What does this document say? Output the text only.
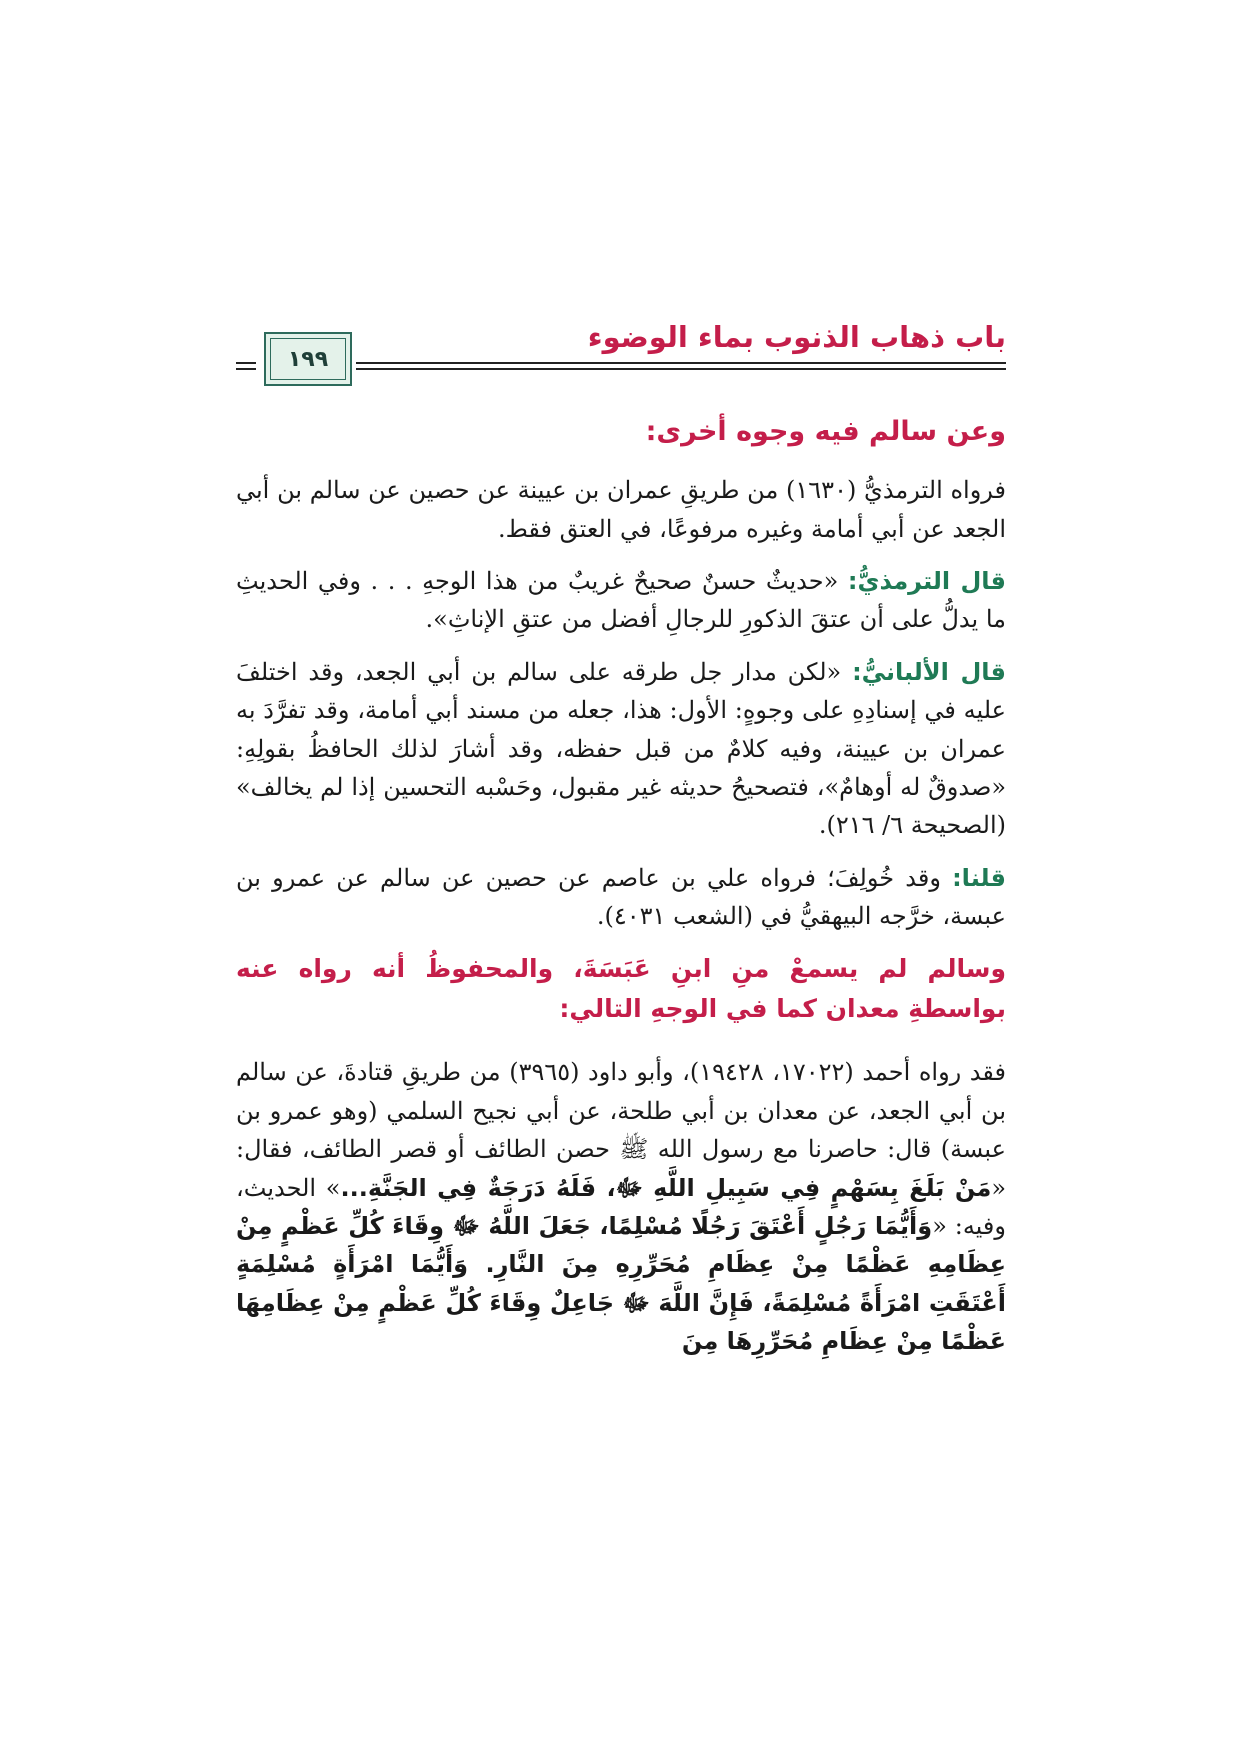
باب ذهاب الذنوب بماء الوضوء
١٩٩
وعن سالم فيه وجوه أخرى:

فرواه الترمذيُّ (١٦٣٠) من طريقِ عمران بن عيينة عن حصين عن سالم بن أبي الجعد عن أبي أمامة وغيره مرفوعًا، في العتق فقط.

قال الترمذيُّ: «حديثٌ حسنٌ صحيحٌ غريبٌ من هذا الوجهِ . . . وفي الحديثِ ما يدلُّ على أن عتقَ الذكورِ للرجالِ أفضل من عتقِ الإناثِ».

قال الألبانيُّ: «لكن مدار جل طرقه على سالم بن أبي الجعد، وقد اختلفَ عليه في إسنادِهِ على وجوهٍ: الأول: هذا، جعله من مسند أبي أمامة، وقد تفرَّدَ به عمران بن عيينة، وفيه كلامٌ من قبل حفظه، وقد أشارَ لذلك الحافظُ بقولِهِ: «صدوقٌ له أوهامٌ»، فتصحيحُ حديثه غير مقبول، وحَسْبه التحسين إذا لم يخالف» (الصحيحة ٦/ ٢١٦).

قلنا: وقد خُولِفَ؛ فرواه علي بن عاصم عن حصين عن سالم عن عمرو بن عبسة، خرَّجه البيهقيُّ في (الشعب ٤٠٣١).

وسالم لم يسمعْ منِ ابنِ عَبَسَةَ، والمحفوظُ أنه رواه عنه بواسطةِ معدان كما في الوجهِ التالي:

فقد رواه أحمد (١٧٠٢٢، ١٩٤٢٨)، وأبو داود (٣٩٦٥) من طريقِ قتادةَ، عن سالم بن أبي الجعد، عن معدان بن أبي طلحة، عن أبي نجيح السلمي (وهو عمرو بن عبسة) قال: حاصرنا مع رسول الله ﷺ حصن الطائف أو قصر الطائف، فقال: «مَنْ بَلَغَ بِسَهْمٍ فِي سَبِيلِ اللَّهِ ﷻ، فَلَهُ دَرَجَةٌ فِي الجَنَّةِ...» الحديث، وفيه: «وَأَيُّمَا رَجُلٍ أَعْتَقَ رَجُلًا مُسْلِمًا، جَعَلَ اللَّهُ ﷻ وِقَاءَ كُلِّ عَظْمٍ مِنْ عِظَامِهِ عَظْمًا مِنْ عِظَامِ مُحَرِّرِهِ مِنَ النَّارِ. وَأَيُّمَا امْرَأَةٍ مُسْلِمَةٍ أَعْتَقَتِ امْرَأَةً مُسْلِمَةً، فَإِنَّ اللَّهَ ﷻ جَاعِلٌ وِقَاءَ كُلِّ عَظْمٍ مِنْ عِظَامِهَا عَظْمًا مِنْ عِظَامِ مُحَرِّرِهَا مِنَ
